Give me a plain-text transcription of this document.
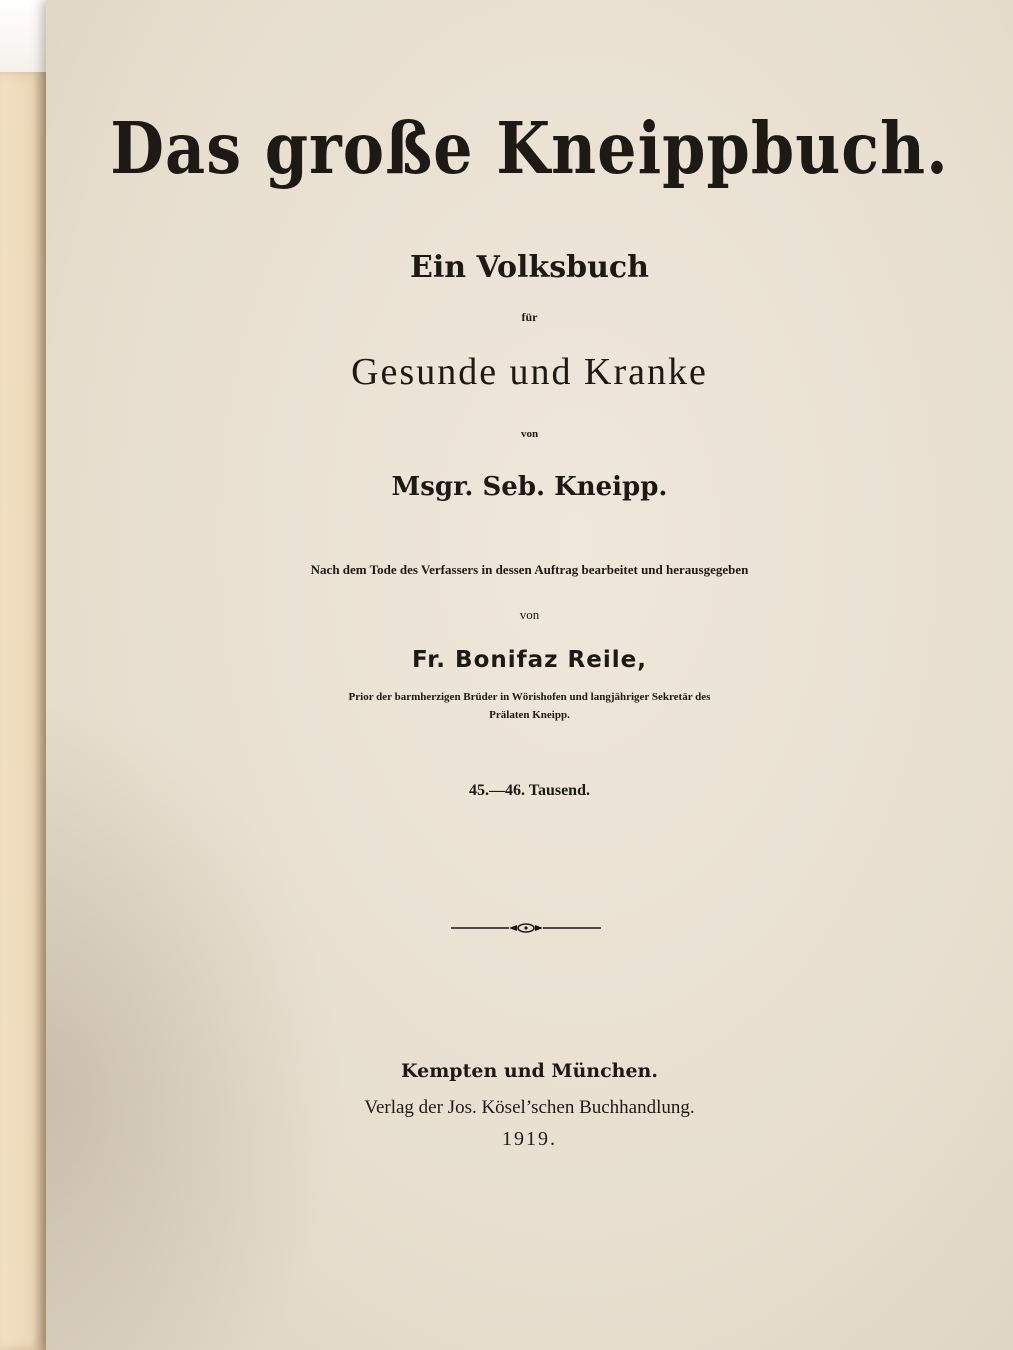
Das große Kneippbuch.
Ein Volksbuch
für
Gesunde und Kranke
von
Msgr. Seb. Kneipp.
Nach dem Tode des Verfassers in dessen Auftrag bearbeitet und herausgegeben
von
Fr. Bonifaz Reile,
Prior der barmherzigen Brüder in Wörishofen und langjähriger Sekretär des
Prälaten Kneipp.
45.—46. Tausend.
Kempten und München.
Verlag der Jos. Kösel’schen Buchhandlung.
1919.
